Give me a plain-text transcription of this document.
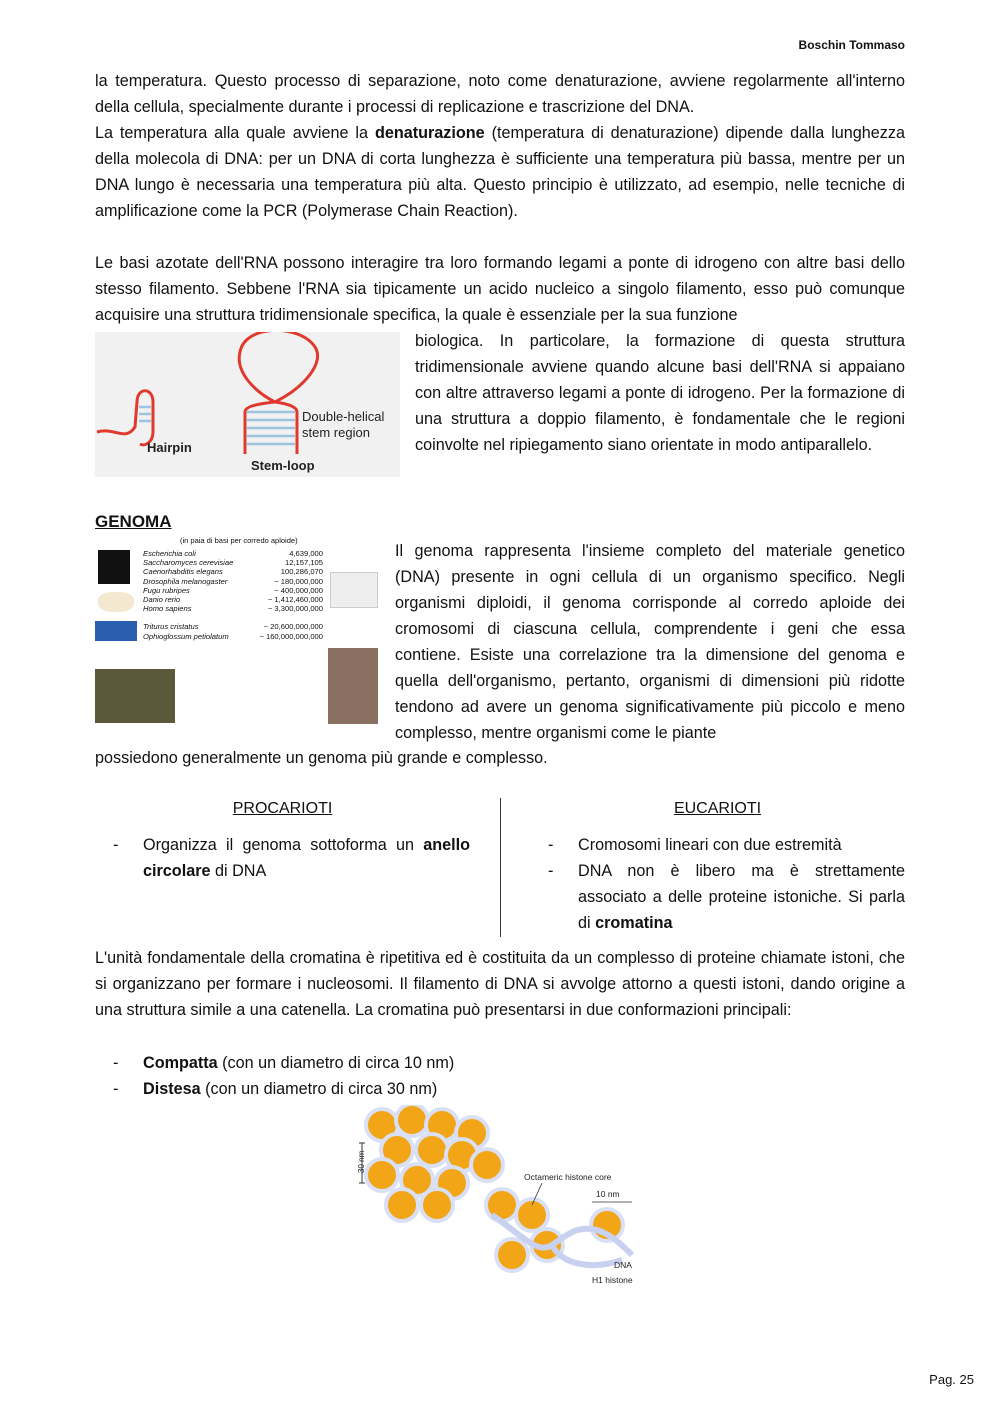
Boschin Tommaso
la temperatura. Questo processo di separazione, noto come denaturazione, avviene regolarmente all'interno della cellula, specialmente durante i processi di replicazione e trascrizione del DNA.
La temperatura alla quale avviene la denaturazione (temperatura di denaturazione) dipende dalla lunghezza della molecola di DNA: per un DNA di corta lunghezza è sufficiente una temperatura più bassa, mentre per un DNA lungo è necessaria una temperatura più alta. Questo principio è utilizzato, ad esempio, nelle tecniche di amplificazione come la PCR (Polymerase Chain Reaction).
Le basi azotate dell'RNA possono interagire tra loro formando legami a ponte di idrogeno con altre basi dello stesso filamento. Sebbene l'RNA sia tipicamente un acido nucleico a singolo filamento, esso può comunque acquisire una struttura tridimensionale specifica, la quale è essenziale per la sua funzione
biologica. In particolare, la formazione di questa struttura tridimensionale avviene quando alcune basi dell'RNA si appaiano con altre attraverso legami a ponte di idrogeno. Per la formazione di una struttura a doppio filamento, è fondamentale che le regioni coinvolte nel ripiegamento siano orientate in modo antiparallelo.
Hairpin
Stem-loop
Double-helical
stem region
GENOMA
(in paia di basi per corredo aploide)
Escherichia coli	4,639,000
Saccharomyces cerevisiae	12,157,105
Caenorhabditis elegans	100,286,070
Drosophila melanogaster	~ 180,000,000
Fugu rubripes	~ 400,000,000
Danio rerio	~ 1,412,460,000
Homo sapiens	~ 3,300,000,000
Triturus cristatus	~ 20,600,000,000
Ophioglossum petiolatum	~ 160,000,000,000
Il genoma rappresenta l'insieme completo del materiale genetico (DNA) presente in ogni cellula di un organismo specifico. Negli organismi diploidi, il genoma corrisponde al corredo aploide dei cromosomi di ciascuna cellula, comprendente i geni che essa contiene. Esiste una correlazione tra la dimensione del genoma e quella dell'organismo, pertanto, organismi di dimensioni più ridotte tendono ad avere un genoma significativamente più piccolo e meno complesso, mentre organismi come le piante
possiedono generalmente un genoma più grande e complesso.
PROCARIOTI	EUCARIOTI
- Organizza il genoma sottoforma un anello circolare di DNA
- Cromosomi lineari con due estremità
- DNA non è libero ma è strettamente associato a delle proteine istoniche. Si parla di cromatina
L'unità fondamentale della cromatina è ripetitiva ed è costituita da un complesso di proteine chiamate istoni, che si organizzano per formare i nucleosomi. Il filamento di DNA si avvolge attorno a questi istoni, dando origine a una struttura simile a una catenella. La cromatina può presentarsi in due conformazioni principali:
- Compatta (con un diametro di circa 10 nm)
- Distesa (con un diametro di circa 30 nm)
30 nm
Octameric histone core
10 nm
DNA
H1 histone
Pag. 25
